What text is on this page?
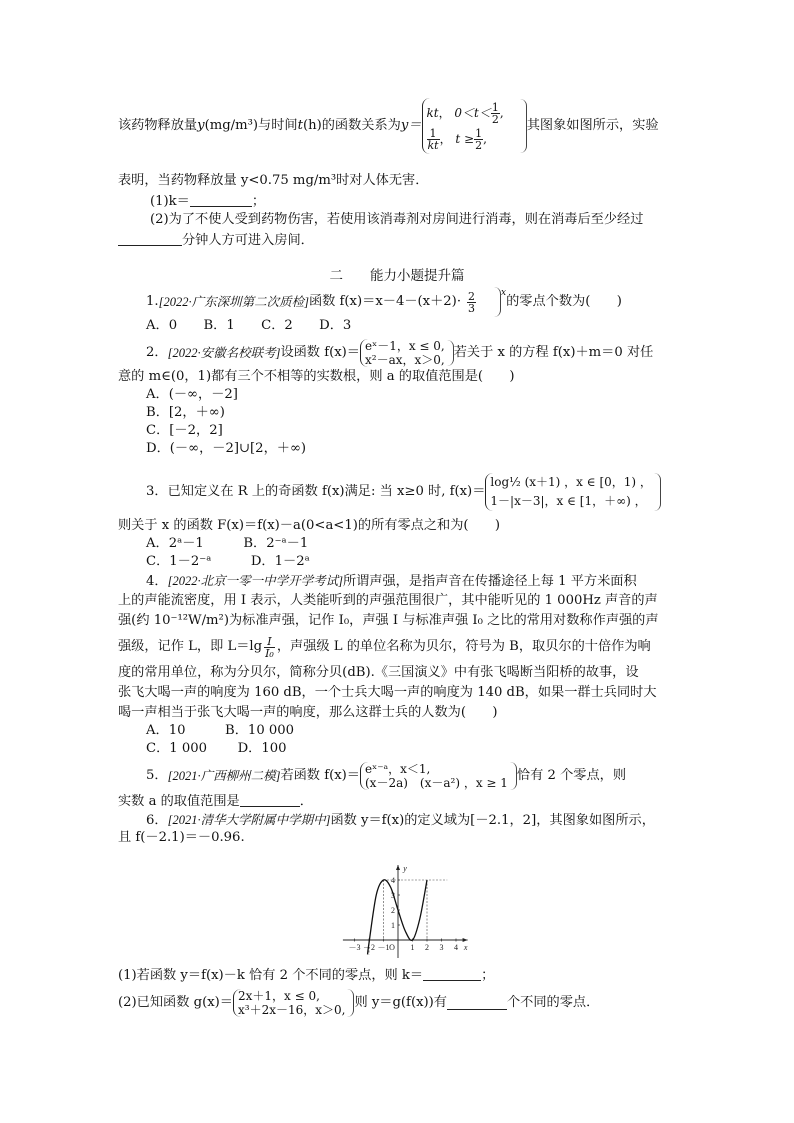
该药物释放量 y (mg/m³)与时间 t (h)的函数关系为 y＝
kt， $0<t< \frac{1}{2}$ ,
$\frac{1}{kt}$ ， $t \ge \frac{1}{2}$ ,
其图象如图所示，实验
表明，当药物释放量 y<0.75 mg/m³时对人体无害．
(1)k＝	；
(2)为了不使人受到药物伤害，若使用该消毒剂对房间进行消毒，则在消毒后至少经过
分钟人方可进入房间．
二　　能力小题提升篇
1. [2022·广东深圳第二次质检] 函数 $f(x)=x-4-(x+2)\cdot \frac{2}{3}$	$^x$
的零点个数为(　　)
A．0　　B．1　　C．2　　D．3
2． [2022·安徽名校联考] 设函数 f(x)＝ eˣ－1，x ≤ 0,
x²－ax，x＞0, 若关于 x 的方程 f(x)＋m＝0 对任
意的 m∈(0，1)都有三个不相等的实数根，则 a 的取值范围是(　　)
A．(－∞，－2]
B．[2，＋∞)
C．[－2，2]
D．(－∞，－2]∪[2，＋∞)
3． 已知定义在 R 上的奇函数 f(x)满足: 当 x≥0 时, f(x)＝
log½ (x＋1) ，x ∈ [0，1) ，
1－|x－3|，x ∈ [1，＋∞) ，
则关于 x 的函数 F(x)＝f(x)－a(0<a<1)的所有零点之和为(　　)
A．2ᵃ－1　　　B．2⁻ᵃ－1
C．1－2⁻ᵃ　　　D．1－2ᵃ
4．[2022·北京一零一中学开学考试]所谓声强，是指声音在传播途径上每 1 平方米面积
上的声能流密度，用 I 表示，人类能听到的声强范围很广，其中能听见的 1 000Hz 声音的声
强(约 10⁻¹²W/m²)为标准声强，记作 I₀，声强 I 与标准声强 I₀ 之比的常用对数称作声强的声
强级，记作 L，即 $L=\lg \frac{I}{\text{I₀}}$ ，声强级 L 的单位名称为贝尔，符号为 B，取贝尔的十倍作为响
度的常用单位，称为分贝尔，简称分贝(dB).《三国演义》中有张飞喝断当阳桥的故事，设
张飞大喝一声的响度为 160 dB，一个士兵大喝一声的响度为 140 dB，如果一群士兵同时大
喝一声相当于张飞大喝一声的响度，那么这群士兵的人数为(　　)
A．10　　　B．10 000
C．1 000　　 D．100
5． [2021·广西柳州二模] 若函数 f(x)＝ eˣ⁻ᵃ，x＜1,
(x－2a)　(x－a²) ，x ≥ 1 恰有 2 个零点，则
实数 a 的取值范围是	．
6．[2021·清华大学附属中学期中]函数 y＝f(x)的定义域为[－2.1，2]，其图象如图所示，
且 f(－2.1)＝－0.96.
x
y
O
－3 －2 －1	1 2 3 4
1
2
3
4
(1)若函数 y＝f(x)－k 恰有 2 个不同的零点，则 k＝	；
(2)已知函数 g(x)＝ 2x＋1，x ≤ 0,
x³＋2x－16，x＞0, 则 y＝g(f(x))有	个不同的零点．
